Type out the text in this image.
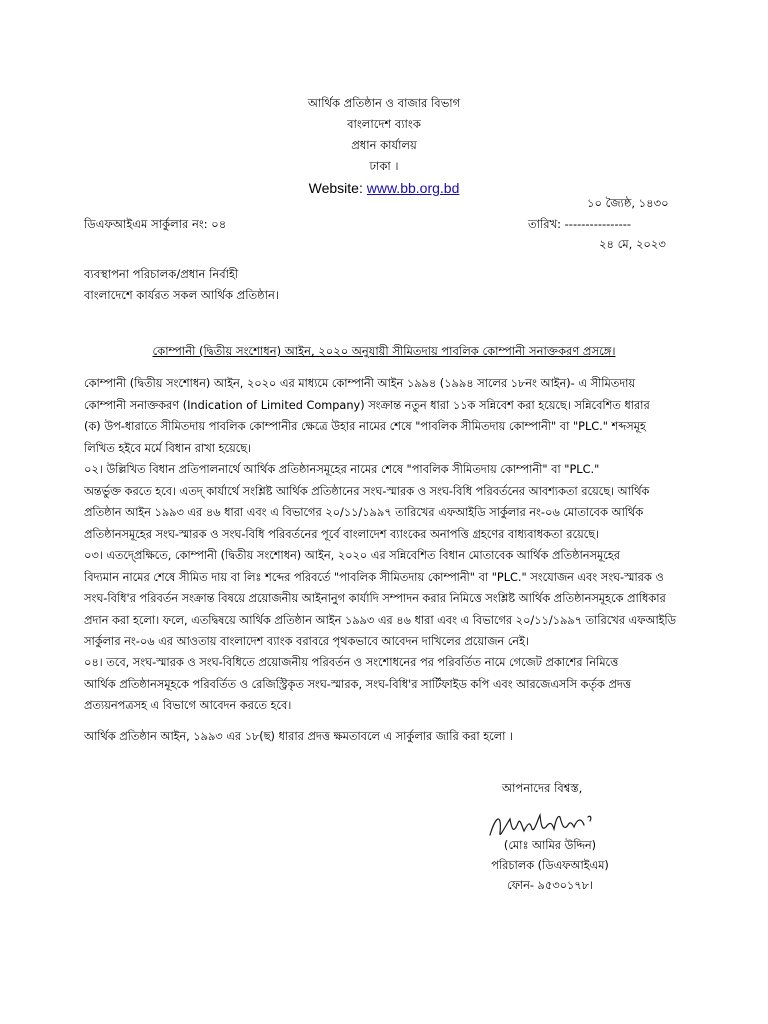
আর্থিক প্রতিষ্ঠান ও বাজার বিভাগ
বাংলাদেশ ব্যাংক
প্রধান কার্যালয়
ঢাকা ।
Website: www.bb.org.bd
১০ জ্যৈষ্ঠ, ১৪৩০
তারিখ: ----------------
২৪ মে, ২০২৩
ডিএফআইএম সার্কুলার নং: ০৪
ব্যবস্থাপনা পরিচালক/প্রধান নির্বাহী
বাংলাদেশে কার্যরত সকল আর্থিক প্রতিষ্ঠান।
কোম্পানী (দ্বিতীয় সংশোধন) আইন, ২০২০ অনুযায়ী সীমিতদায় পাবলিক কোম্পানী সনাক্তকরণ প্রসঙ্গে।
কোম্পানী (দ্বিতীয় সংশোধন) আইন, ২০২০ এর মাধ্যমে কোম্পানী আইন ১৯৯৪ (১৯৯৪ সালের ১৮নং আইন)- এ সীমিতদায়
কোম্পানী সনাক্তকরণ (Indication of Limited Company) সংক্রান্ত নতুন ধারা ১১ক সন্নিবেশ করা হয়েছে। সন্নিবেশিত ধারার
(ক) উপ-ধারাতে সীমিতদায় পাবলিক কোম্পানীর ক্ষেত্রে উহার নামের শেষে "পাবলিক সীমিতদায় কোম্পানী" বা "PLC." শব্দসমূহ
লিখিত হইবে মর্মে বিধান রাখা হয়েছে।
০২। উল্লিখিত বিধান প্রতিপালনার্থে আর্থিক প্রতিষ্ঠানসমূহের নামের শেষে "পাবলিক সীমিতদায় কোম্পানী" বা "PLC."
অন্তর্ভুক্ত করতে হবে। এতদ্ কার্যার্থে সংশ্লিষ্ট আর্থিক প্রতিষ্ঠানের সংঘ-স্মারক ও সংঘ-বিধি পরিবর্তনের আবশ্যকতা রয়েছে। আর্থিক
প্রতিষ্ঠান আইন ১৯৯৩ এর ৪৬ ধারা এবং এ বিভাগের ২০/১১/১৯৯৭ তারিখের এফআইডি সার্কুলার নং-০৬ মোতাবেক আর্থিক
প্রতিষ্ঠানসমূহের সংঘ-স্মারক ও সংঘ-বিধি পরিবর্তনের পূর্বে বাংলাদেশ ব্যাংকের অনাপত্তি গ্রহণের বাধ্যবাধকতা রয়েছে।
০৩। এতদ্প্রেক্ষিতে, কোম্পানী (দ্বিতীয় সংশোধন) আইন, ২০২০ এর সন্নিবেশিত বিধান মোতাবেক আর্থিক প্রতিষ্ঠানসমূহের
বিদ্যমান নামের শেষে সীমিত দায় বা লিঃ শব্দের পরিবর্তে "পাবলিক সীমিতদায় কোম্পানী" বা "PLC." সংযোজন এবং সংঘ-স্মারক ও
সংঘ-বিধি'র পরিবর্তন সংক্রান্ত বিষয়ে প্রয়োজনীয় আইনানুগ কার্যাদি সম্পাদন করার নিমিত্তে সংশ্লিষ্ট আর্থিক প্রতিষ্ঠানসমূহকে প্রাধিকার
প্রদান করা হলো। ফলে, এতদ্বিষয়ে আর্থিক প্রতিষ্ঠান আইন ১৯৯৩ এর ৪৬ ধারা এবং এ বিভাগের ২০/১১/১৯৯৭ তারিখের এফআইডি
সার্কুলার নং-০৬ এর আওতায় বাংলাদেশ ব্যাংক বরাবরে পৃথকভাবে আবেদন দাখিলের প্রয়োজন নেই।
০৪। তবে, সংঘ-স্মারক ও সংঘ-বিধিতে প্রয়োজনীয় পরিবর্তন ও সংশোধনের পর পরিবর্তিত নামে গেজেট প্রকাশের নিমিত্তে
আর্থিক প্রতিষ্ঠানসমূহকে পরিবর্তিত ও রেজিস্ট্রিকৃত সংঘ-স্মারক, সংঘ-বিধি'র সার্টিফাইড কপি এবং আরজেএসসি কর্তৃক প্রদত্ত
প্রত্যয়নপত্রসহ এ বিভাগে আবেদন করতে হবে।
আর্থিক প্রতিষ্ঠান আইন, ১৯৯৩ এর ১৮(ছ) ধারার প্রদত্ত ক্ষমতাবলে এ সার্কুলার জারি করা হলো ।
আপনাদের বিশ্বস্ত,
(মোঃ আমির উদ্দিন)
পরিচালক (ডিএফআইএম)
ফোন- ৯৫৩০১৭৮।
